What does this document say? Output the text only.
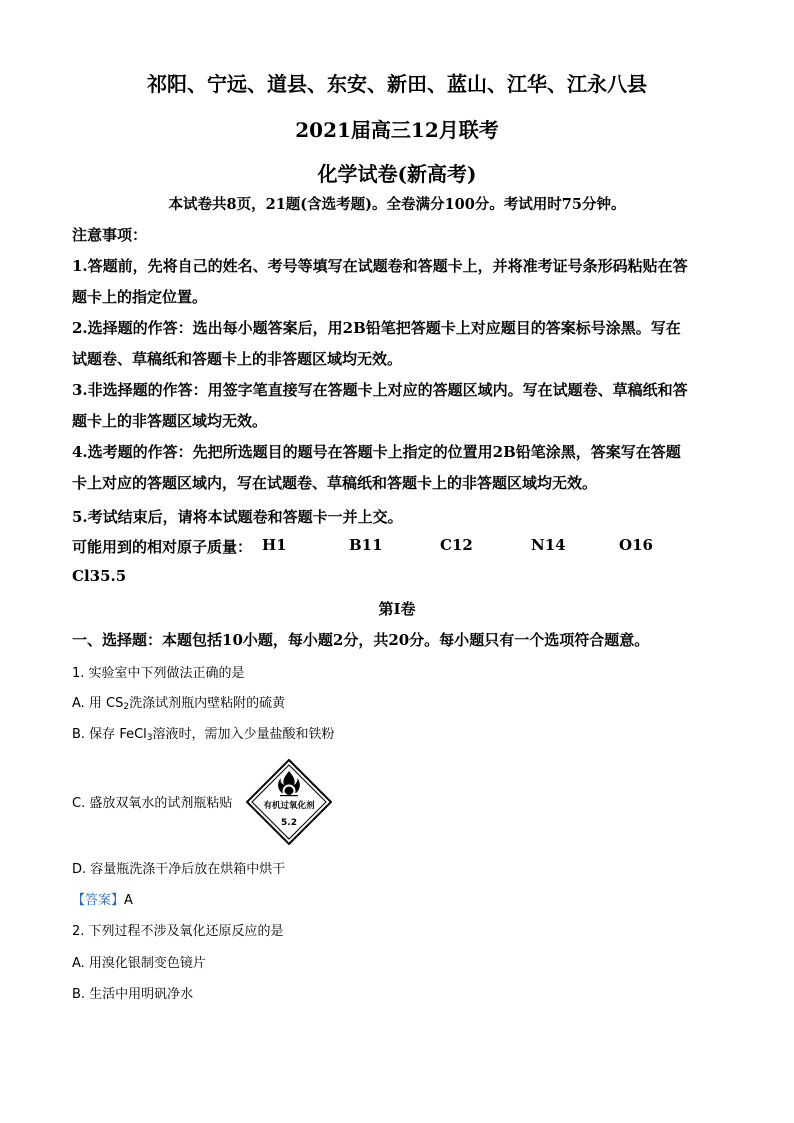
祁阳、宁远、道县、东安、新田、蓝山、江华、江永八县
2021届高三12月联考
化学试卷(新高考)
本试卷共8页，21题(含选考题)。全卷满分100分。考试用时75分钟。
注意事项：
1.答题前，先将自己的姓名、考号等填写在试题卷和答题卡上，并将准考证号条形码粘贴在答
题卡上的指定位置。
2.选择题的作答：选出每小题答案后，用2B铅笔把答题卡上对应题目的答案标号涂黑。写在
试题卷、草稿纸和答题卡上的非答题区域均无效。
3.非选择题的作答：用签字笔直接写在答题卡上对应的答题区域内。写在试题卷、草稿纸和答
题卡上的非答题区域均无效。
4.选考题的作答：先把所选题目的题号在答题卡上指定的位置用2B铅笔涂黑，答案写在答题
卡上对应的答题区域内，写在试题卷、草稿纸和答题卡上的非答题区域均无效。
5.考试结束后，请将本试题卷和答题卡一并上交。
可能用到的相对原子质量： H1	B11	C12	N14	O16
Cl35.5
第Ⅰ卷
一、选择题：本题包括10小题，每小题2分，共20分。每小题只有一个选项符合题意。
1. 实验室中下列做法正确的是
A. 用 $CS_2$洗涤试剂瓶内壁粘附的硫黄
B. 保存 FeCl$_3$溶液时，需加入少量盐酸和铁粉
C. 盛放双氧水的试剂瓶粘贴	有机过氧化剂
5.2
D. 容量瓶洗涤干净后放在烘箱中烘干
【答案】A
2. 下列过程不涉及氧化还原反应的是
A. 用溴化银制变色镜片
B. 生活中用明矾净水
